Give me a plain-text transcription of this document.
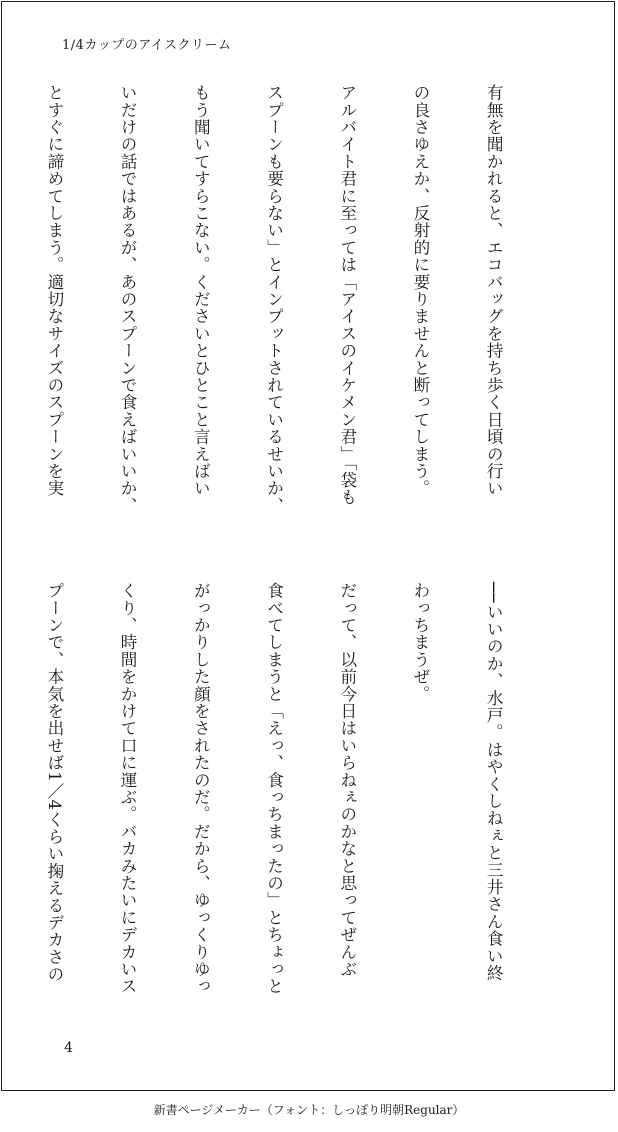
1/4カップのアイスクリーム

有無を聞かれると、エコバッグを持ち歩く日頃の行い

の良さゆえか、反射的に要りませんと断ってしまう。

アルバイト君に至っては「アイスのイケメン君」「袋も

スプーンも要らない」とインプットされているせいか、

もう聞いてすらこない。くださいとひとこと言えばい

いだけの話ではあるが、あのスプーンで食えばいいか、

とすぐに諦めてしまう。適切なサイズのスプーンを実

──いいのか、水戸。はやくしねぇと三井さん食い終

わっちまうぜ。

だって、以前今日はいらねぇのかなと思ってぜんぶ

食べてしまうと「えっ、食っちまったの」とちょっと

がっかりした顔をされたのだ。だから、ゆっくりゆっ

くり、時間をかけて口に運ぶ。バカみたいにデカいス

プーンで、本気を出せば1／4くらい掬えるデカさの

4
新書ページメーカー（フォント：しっぽり明朝Regular）
